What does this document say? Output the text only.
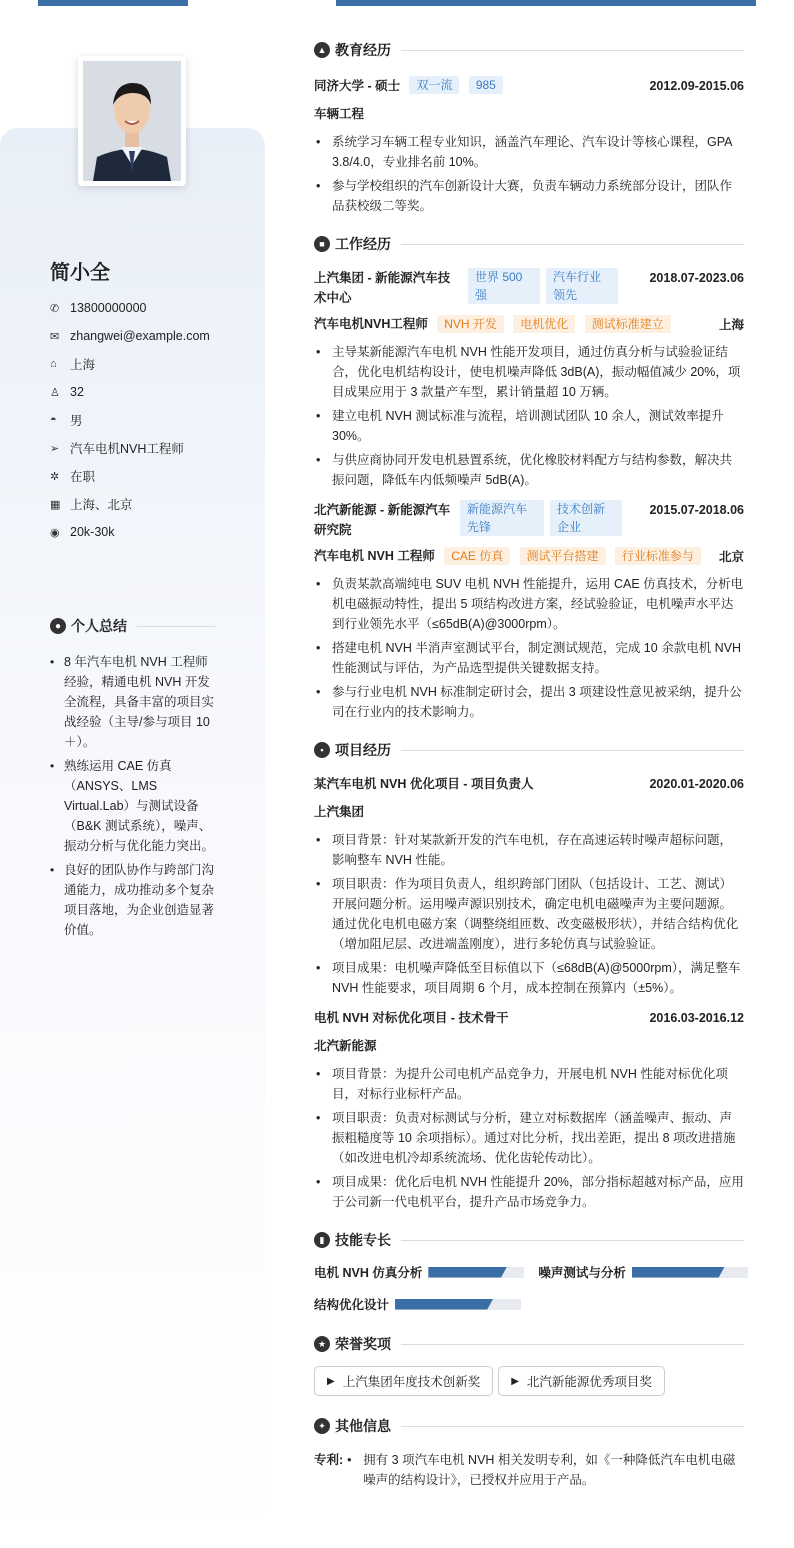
简小全
✆ 13800000000
✉ zhangwei@example.com
⌂	上海
♙ 32
◓	男
➢ 汽车电机NVH工程师
✲ 在职
▦ 上海、北京
◉ 20k-30k
● 个人总结
• 8 年汽车电机 NVH 工程师经验，精通电机 NVH 开发全流程，具备丰富的项目实战经验（主导/参与项目 10＋）。
• 熟练运用 CAE 仿真（ANSYS、LMS Virtual.Lab）与测试设备（B&K 测试系统），噪声、振动分析与优化能力突出。
• 良好的团队协作与跨部门沟通能力，成功推动多个复杂项目落地，为企业创造显著价值。
▲ 教育经历
同济大学 - 硕士 双一流 985	2012.09-2015.06
车辆工程
• 系统学习车辆工程专业知识，涵盖汽车理论、汽车设计等核心课程，GPA 3.8/4.0，专业排名前 10%。
• 参与学校组织的汽车创新设计大赛，负责车辆动力系统部分设计，团队作品获校级二等奖。
■ 工作经历
上汽集团 - 新能源汽车技术中心
世界 500 强
汽车行业领先
2018.07-2023.06
汽车电机NVH工程师 NVH 开发 电机优化 测试标准建立	上海
• 主导某新能源汽车电机 NVH 性能开发项目，通过仿真分析与试验验证结合，优化电机结构设计，使电机噪声降低 3dB(A)，振动幅值减少 20%，项目成果应用于 3 款量产车型，累计销量超 10 万辆。
• 建立电机 NVH 测试标准与流程，培训测试团队 10 余人，测试效率提升 30%。
• 与供应商协同开发电机悬置系统，优化橡胶材料配方与结构参数，解决共振问题，降低车内低频噪声 5dB(A)。
北汽新能源 - 新能源汽车研究院
新能源汽车先锋
技术创新企业
2015.07-2018.06
汽车电机 NVH 工程师 CAE 仿真 测试平台搭建 行业标准参与	北京
• 负责某款高端纯电 SUV 电机 NVH 性能提升，运用 CAE 仿真技术，分析电机电磁振动特性，提出 5 项结构改进方案，经试验验证，电机噪声水平达到行业领先水平（≤65dB(A)@3000rpm）。
• 搭建电机 NVH 半消声室测试平台，制定测试规范，完成 10 余款电机 NVH 性能测试与评估，为产品选型提供关键数据支持。
• 参与行业电机 NVH 标准制定研讨会，提出 3 项建设性意见被采纳，提升公司在行业内的技术影响力。
▪ 项目经历
某汽车电机 NVH 优化项目 - 项目负责人	2020.01-2020.06
上汽集团
• 项目背景：针对某款新开发的汽车电机，存在高速运转时噪声超标问题，影响整车 NVH 性能。
• 项目职责：作为项目负责人，组织跨部门团队（包括设计、工艺、测试）开展问题分析。运用噪声源识别技术，确定电机电磁噪声为主要问题源。通过优化电机电磁方案（调整绕组匝数、改变磁极形状），并结合结构优化（增加阻尼层、改进端盖刚度），进行多轮仿真与试验验证。
• 项目成果：电机噪声降低至目标值以下（≤68dB(A)@5000rpm），满足整车 NVH 性能要求，项目周期 6 个月，成本控制在预算内（±5%）。
电机 NVH 对标优化项目 - 技术骨干	2016.03-2016.12
北汽新能源
• 项目背景：为提升公司电机产品竞争力，开展电机 NVH 性能对标优化项目，对标行业标杆产品。
• 项目职责：负责对标测试与分析，建立对标数据库（涵盖噪声、振动、声振粗糙度等 10 余项指标）。通过对比分析，找出差距，提出 8 项改进措施（如改进电机冷却系统流场、优化齿轮传动比）。
• 项目成果：优化后电机 NVH 性能提升 20%，部分指标超越对标产品，应用于公司新一代电机平台，提升产品市场竞争力。
▮ 技能专长
电机 NVH 仿真分析	噪声测试与分析
结构优化设计
★ 荣誉奖项
▶ 上汽集团年度技术创新奖	▶ 北汽新能源优秀项目奖
✦ 其他信息
专利:
•	拥有 3 项汽车电机 NVH 相关发明专利，如《一种降低汽车电机电磁噪声的结构设计》，已授权并应用于产品。
